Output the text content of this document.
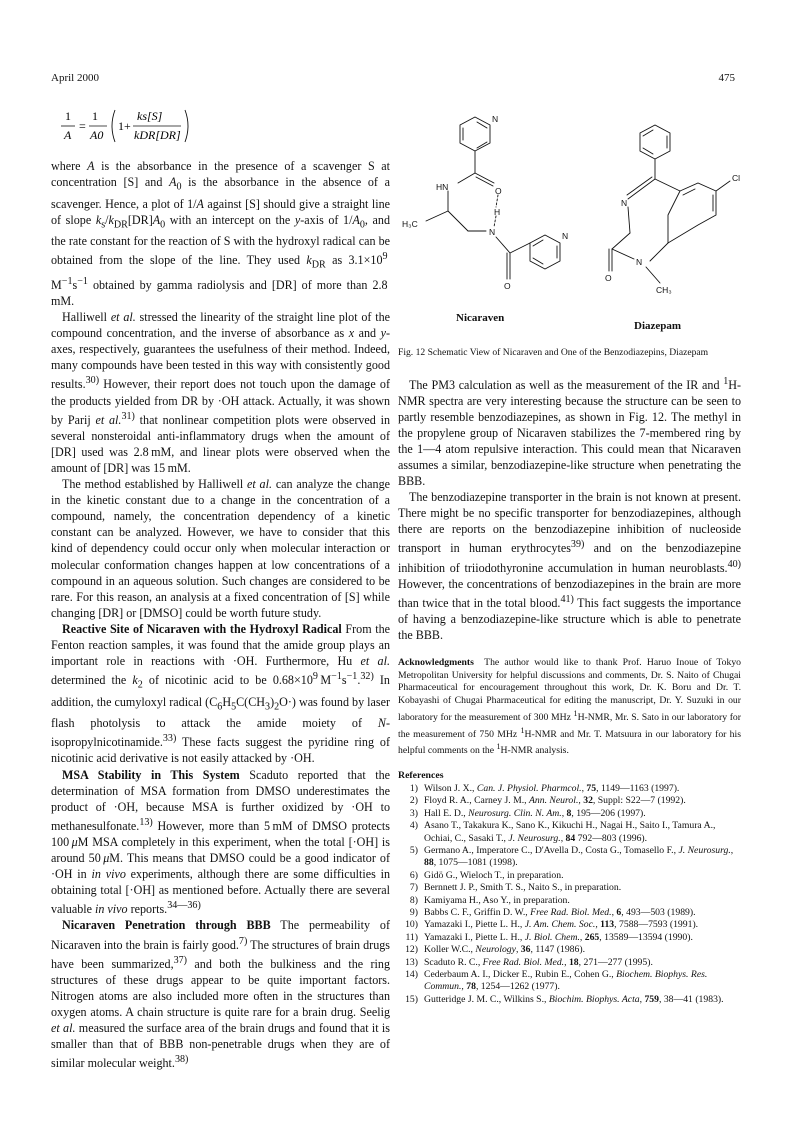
April 2000	475
1
A
=
1
A0
1+
ks[S]
kDR[DR]

where A is the absorbance in the presence of a scavenger S at concentration [S] and $A_0$ is the absorbance in the absence of a scavenger. Hence, a plot of 1/A against [S] should give a straight line of slope $k_s/k_{DR}[DR]A_0$ with an intercept on the y-axis of $1/A_0$, and the rate constant for the reaction of S with the hydroxyl radical can be obtained from the slope of the line. They used $k_{DR}$ as $3.1\times 10^9$ $M^{-1}s^{-1}$ obtained by gamma radiolysis and [DR] of more than 2.8 mM.

Halliwell et al. stressed the linearity of the straight line plot of the compound concentration, and the inverse of absorbance as x and y-axes, respectively, guarantees the usefulness of their method. Indeed, many compounds have been tested in this way with consistently good results.$^{30)}$ However, their report does not touch upon the damage of the products yielded from DR by ·OH attack. Actually, it was shown by Parij et al.$^{31)}$ that nonlinear competition plots were observed in several nonsteroidal anti-inflammatory drugs when the amount of [DR] used was 2.8 mM, and linear plots were observed when the amount of [DR] was 15 mM.

The method established by Halliwell et al. can analyze the change in the kinetic constant due to a change in the concentration of a compound, namely, the concentration dependency of a kinetic constant can be analyzed. However, we have to consider that this kind of dependency could occur only when molecular interaction or molecular conformation changes happen at low concentrations of a compound in an aqueous solution. Such changes are considered to be rare. For this reason, an analysis at a fixed concentration of [S] while changing [DR] or [DMSO] could be worth future study.

Reactive Site of Nicaraven with the Hydroxyl Radical From the Fenton reaction samples, it was found that the amide group plays an important role in reactions with ·OH. Furthermore, Hu et al. determined the $k_2$ of nicotinic acid to be $0.68\times 10^9$ $M^{-1}s^{-1}.^{32)}$ In addition, the cumyloxyl radical $(C_6H_5C(CH_3)_2O\cdot)$ was found by laser flash photolysis to attack the amide moiety of N-isopropylnicotinamide.$^{33)}$ These facts suggest the pyridine ring of nicotinic acid derivative is not easily attacked by ·OH.

MSA Stability in This System Scaduto reported that the determination of MSA formation from DMSO underestimates the product of ·OH, because MSA is further oxidized by ·OH to methanesulfonate.$^{13)}$ However, more than 5 mM of DMSO protects 100 μM MSA completely in this experiment, when the total [·OH] is around 50 μM. This means that DMSO could be a good indicator of ·OH in in vivo experiments, although there are some difficulties in obtaining total [·OH] as mentioned before. Actually there are several valuable in vivo reports.$^{34—36)}$

Nicaraven Penetration through BBB The permeability of Nicaraven into the brain is fairly good.$^{7)}$ The structures of brain drugs have been summarized,$^{37)}$ and both the bulkiness and the ring structures of these drugs appear to be quite important factors. Nitrogen atoms are also included more often in the structures than oxygen atoms. A chain structure is quite rare for a brain drug. Seelig et al. measured the surface area of the brain drugs and found that it is smaller than that of BBB non-penetrable drugs when they are of similar molecular weight.$^{38)}$

N
O
H
HN
H₃C
N
O
N
Cl
N
N
O
CH₃
Nicaraven
Diazepam
Fig. 12 Schematic View of Nicaraven and One of the Benzodiazepins, Diazepam

The PM3 calculation as well as the measurement of the IR and $^1$H-NMR spectra are very interesting because the structure can be seen to partly resemble benzodiazepines, as shown in Fig. 12. The methyl in the propylene group of Nicaraven stabilizes the 7-membered ring by the 1—4 atom repulsive interaction. This could mean that Nicaraven assumes a similar, benzodiazepine-like structure when penetrating the BBB.

The benzodiazepine transporter in the brain is not known at present. There might be no specific transporter for benzodiazepines, although there are reports on the benzodiazepine inhibition of nucleoside transport in human erythrocytes$^{39)}$ and on the benzodiazepine inhibition of triiodothyronine accumulation in human neuroblasts.$^{40)}$ However, the concentrations of benzodiazepines in the brain are more than twice that in the total blood.$^{41)}$ This fact suggests the importance of having a benzodiazepine-like structure which is able to penetrate the BBB.

Acknowledgments The author would like to thank Prof. Haruo Inoue of Tokyo Metropolitan University for helpful discussions and comments, Dr. S. Naito of Chugai Pharmaceutical for encouragement throughout this work, Dr. K. Boru and Dr. T. Kobayashi of Chugai Pharmaceutical for editing the manuscript, Dr. Y. Suzuki in our laboratory for the measurement of 300 MHz $^1$H-NMR, Mr. S. Sato in our laboratory for the measurement of 750 MHz $^1$H-NMR and Mr. T. Matsuura in our laboratory for his helpful comments on the $^1$H-NMR analysis.
References
1) Wilson J. X., Can. J. Physiol. Pharmcol., 75, 1149—1163 (1997).
2) Floyd R. A., Carney J. M., Ann. Neurol., 32, Suppl: S22—7 (1992).
3) Hall E. D., Neurosurg. Clin. N. Am., 8, 195—206 (1997).
4) Asano T., Takakura K., Sano K., Kikuchi H., Nagai H., Saito I., Tamura A., Ochiai, C., Sasaki T., J. Neurosurg., 84 792—803 (1996).
5) Germano A., Imperatore C., D'Avella D., Costa G., Tomasello F., J. Neurosurg., 88, 1075—1081 (1998).
6) Gidö G., Wieloch T., in preparation.
7) Bernnett J. P., Smith T. S., Naito S., in preparation.
8) Kamiyama H., Aso Y., in preparation.
9) Babbs C. F., Griffin D. W., Free Rad. Biol. Med., 6, 493—503 (1989).
10) Yamazaki I., Piette L. H., J. Am. Chem. Soc., 113, 7588—7593 (1991).
11) Yamazaki I., Piette L. H., J. Biol. Chem., 265, 13589—13594 (1990).
12) Koller W.C., Neurology, 36, 1147 (1986).
13) Scaduto R. C., Free Rad. Biol. Med., 18, 271—277 (1995).
14) Cederbaum A. I., Dicker E., Rubin E., Cohen G., Biochem. Biophys. Res. Commun., 78, 1254—1262 (1977).
15) Gutteridge J. M. C., Wilkins S., Biochim. Biophys. Acta, 759, 38—41 (1983).
